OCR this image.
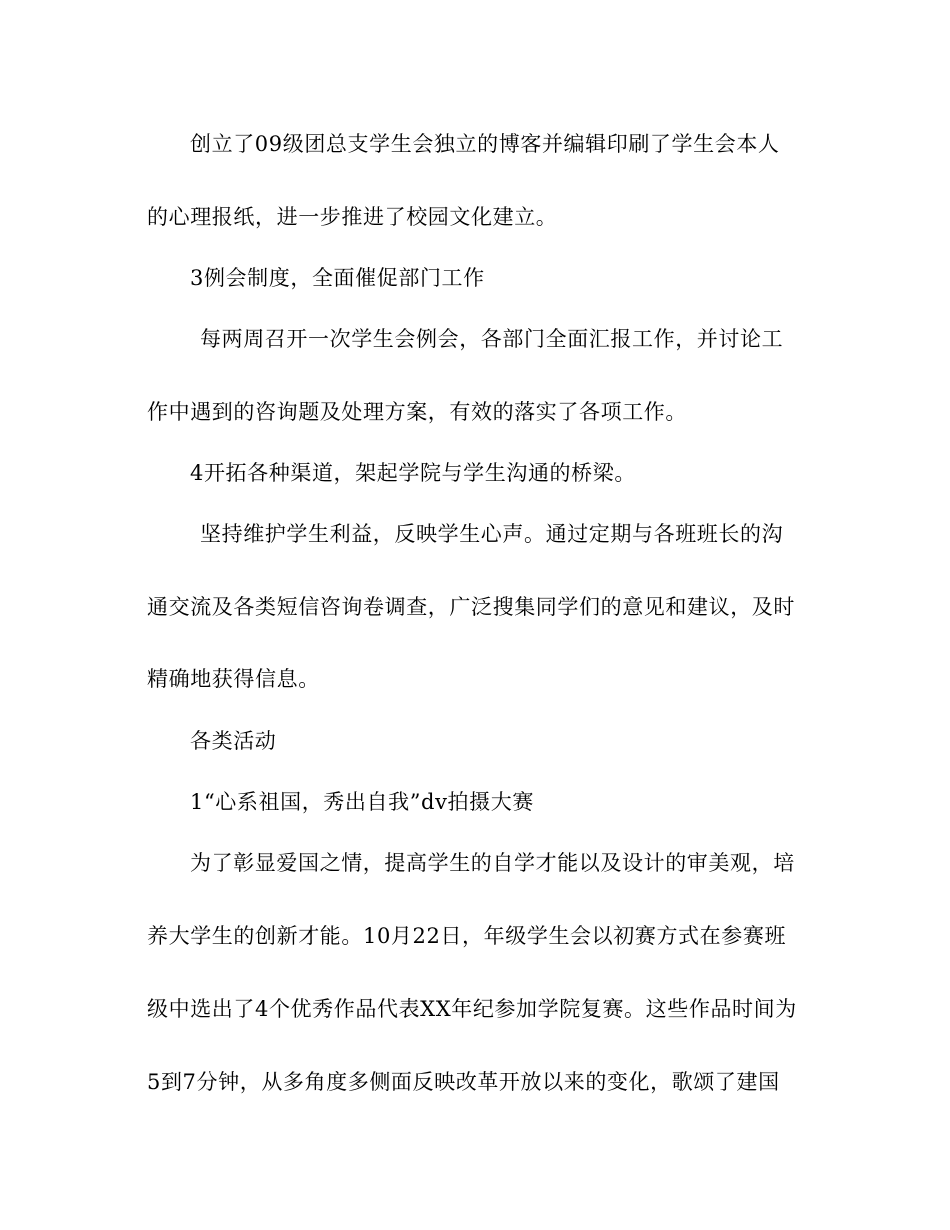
创立了09级团总支学生会独立的博客并编辑印刷了学生会本人
的心理报纸，进一步推进了校园文化建立。
3例会制度，全面催促部门工作
每两周召开一次学生会例会，各部门全面汇报工作，并讨论工
作中遇到的咨询题及处理方案，有效的落实了各项工作。
4开拓各种渠道，架起学院与学生沟通的桥梁。
坚持维护学生利益，反映学生心声。通过定期与各班班长的沟
通交流及各类短信咨询卷调查，广泛搜集同学们的意见和建议，及时
精确地获得信息。
各类活动
1“心系祖国，秀出自我”dv拍摄大赛
为了彰显爱国之情，提高学生的自学才能以及设计的审美观，培
养大学生的创新才能。10月22日，年级学生会以初赛方式在参赛班
级中选出了4个优秀作品代表XX年纪参加学院复赛。这些作品时间为
5到7分钟，从多角度多侧面反映改革开放以来的变化，歌颂了建国
